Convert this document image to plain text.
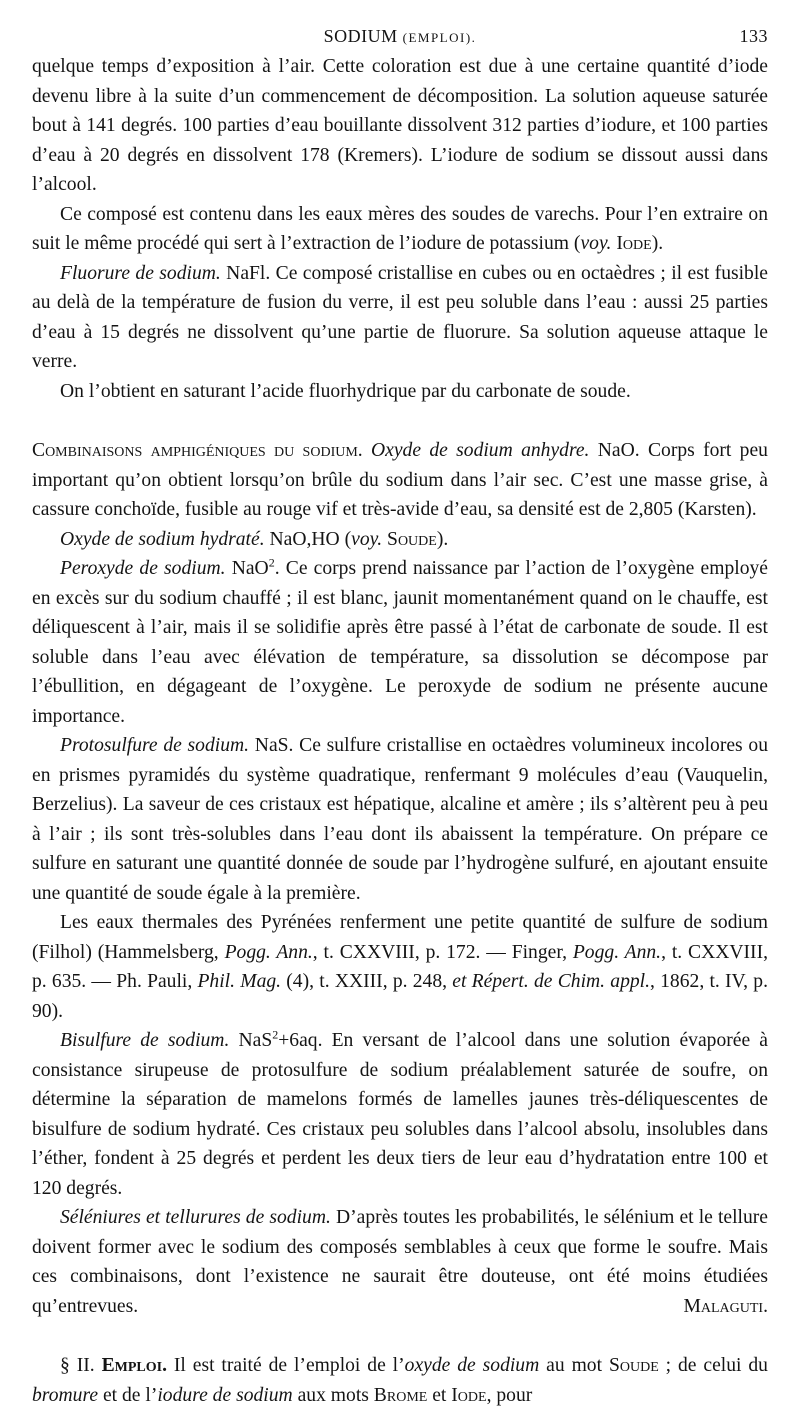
SODIUM (EMPLOI).	133

quelque temps d’exposition à l’air. Cette coloration est due à une certaine quantité d’iode devenu libre à la suite d’un commencement de décomposition. La solution aqueuse saturée bout à 141 degrés. 100 parties d’eau bouillante dissolvent 312 parties d’iodure, et 100 parties d’eau à 20 degrés en dissolvent 178 (Kremers). L’iodure de sodium se dissout aussi dans l’alcool.

Ce composé est contenu dans les eaux mères des soudes de varechs. Pour l’en extraire on suit le même procédé qui sert à l’extraction de l’iodure de potassium (voy. Iode).

Fluorure de sodium. NaFl. Ce composé cristallise en cubes ou en octaèdres ; il est fusible au delà de la température de fusion du verre, il est peu soluble dans l’eau : aussi 25 parties d’eau à 15 degrés ne dissolvent qu’une partie de fluorure. Sa solution aqueuse attaque le verre.

On l’obtient en saturant l’acide fluorhydrique par du carbonate de soude.

Combinaisons amphigéniques du sodium. Oxyde de sodium anhydre. NaO. Corps fort peu important qu’on obtient lorsqu’on brûle du sodium dans l’air sec. C’est une masse grise, à cassure conchoïde, fusible au rouge vif et très-avide d’eau, sa densité est de 2,805 (Karsten).

Oxyde de sodium hydraté. NaO,HO (voy. Soude).

Peroxyde de sodium. NaO$^2$. Ce corps prend naissance par l’action de l’oxygène employé en excès sur du sodium chauffé ; il est blanc, jaunit momentanément quand on le chauffe, est déliquescent à l’air, mais il se solidifie après être passé à l’état de carbonate de soude. Il est soluble dans l’eau avec élévation de température, sa dissolution se décompose par l’ébullition, en dégageant de l’oxygène. Le peroxyde de sodium ne présente aucune importance.

Protosulfure de sodium. NaS. Ce sulfure cristallise en octaèdres volumineux incolores ou en prismes pyramidés du système quadratique, renfermant 9 molécules d’eau (Vauquelin, Berzelius). La saveur de ces cristaux est hépatique, alcaline et amère ; ils s’altèrent peu à peu à l’air ; ils sont très-solubles dans l’eau dont ils abaissent la température. On prépare ce sulfure en saturant une quantité donnée de soude par l’hydrogène sulfuré, en ajoutant ensuite une quantité de soude égale à la première.

Les eaux thermales des Pyrénées renferment une petite quantité de sulfure de sodium (Filhol) (Hammelsberg, Pogg. Ann., t. CXXVIII, p. 172. — Finger, Pogg. Ann., t. CXXVIII, p. 635. — Ph. Pauli, Phil. Mag. (4), t. XXIII, p. 248, et Répert. de Chim. appl., 1862, t. IV, p. 90).

Bisulfure de sodium. NaS$^2$+6aq. En versant de l’alcool dans une solution évaporée à consistance sirupeuse de protosulfure de sodium préalablement saturée de soufre, on détermine la séparation de mamelons formés de lamelles jaunes très-déliquescentes de bisulfure de sodium hydraté. Ces cristaux peu solubles dans l’alcool absolu, insolubles dans l’éther, fondent à 25 degrés et perdent les deux tiers de leur eau d’hydratation entre 100 et 120 degrés.

Séléniures et tellurures de sodium. D’après toutes les probabilités, le sélénium et le tellure doivent former avec le sodium des composés semblables à ceux que forme le soufre. Mais ces combinaisons, dont l’existence ne saurait être douteuse, ont été moins étudiées qu’entrevues.	Malaguti.

§ II. Emploi. Il est traité de l’emploi de l’oxyde de sodium au mot Soude ; de celui du bromure et de l’iodure de sodium aux mots Brome et Iode, pour
